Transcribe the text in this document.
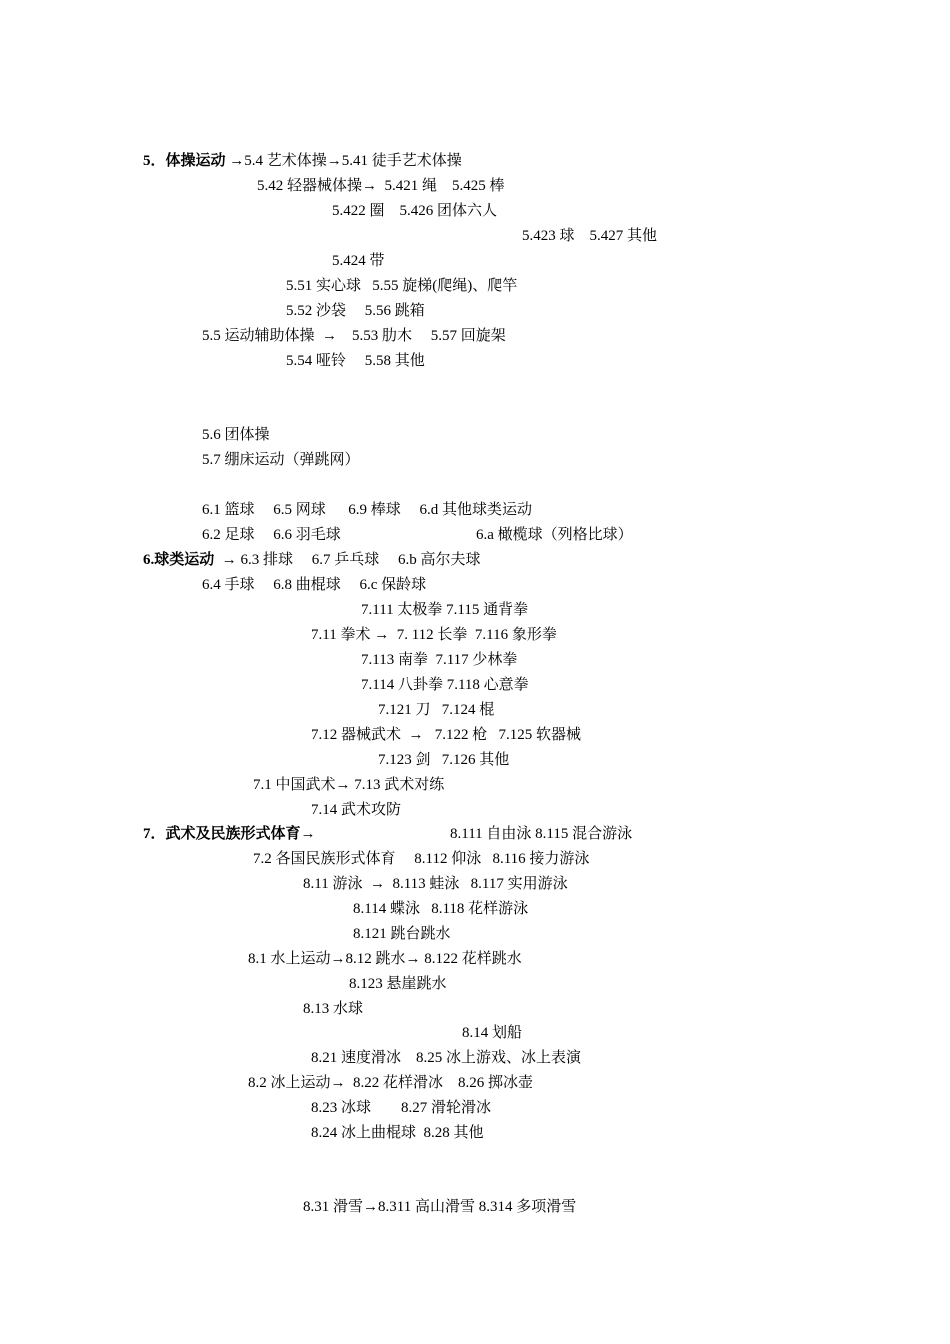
5．体操运动 →5.4 艺术体操→5.41 徒手艺术体操
5.42 轻器械体操→  5.421 绳    5.425 棒
5.422 圈    5.426 团体六人
5.423 球    5.427 其他
5.424 带
5.51 实心球   5.55 旋梯(爬绳)、爬竿
5.52 沙袋     5.56 跳箱
5.5 运动辅助体操  →    5.53 肋木     5.57 回旋架
5.54 哑铃     5.58 其他
5.6 团体操
5.7 绷床运动（弹跳网）
6.1 篮球     6.5 网球      6.9 棒球     6.d 其他球类运动
6.2 足球     6.6 羽毛球	6.a 橄榄球（列格比球）
6.球类运动  → 6.3 排球     6.7 乒乓球     6.b 高尔夫球
6.4 手球     6.8 曲棍球     6.c 保龄球
7.111 太极拳 7.115 通背拳
7.11 拳术 →  7. 112 长拳  7.116 象形拳
7.113 南拳  7.117 少林拳
7.114 八卦拳 7.118 心意拳
7.121 刀   7.124 棍
7.12 器械武术  →   7.122 枪   7.125 软器械
7.123 剑   7.126 其他
7.1 中国武术→ 7.13 武术对练
7.14 武术攻防
7．武术及民族形式体育→	8.111 自由泳 8.115 混合游泳
7.2 各国民族形式体育     8.112 仰泳   8.116 接力游泳
8.11 游泳  →  8.113 蛙泳   8.117 实用游泳
8.114 蝶泳   8.118 花样游泳
8.121 跳台跳水
8.1 水上运动→8.12 跳水→ 8.122 花样跳水
8.123 悬崖跳水
8.13 水球
8.14 划船
8.21 速度滑冰    8.25 冰上游戏、冰上表演
8.2 冰上运动→  8.22 花样滑冰    8.26 掷冰壶
8.23 冰球        8.27 滑轮滑冰
8.24 冰上曲棍球  8.28 其他
8.31 滑雪→8.311 高山滑雪 8.314 多项滑雪
